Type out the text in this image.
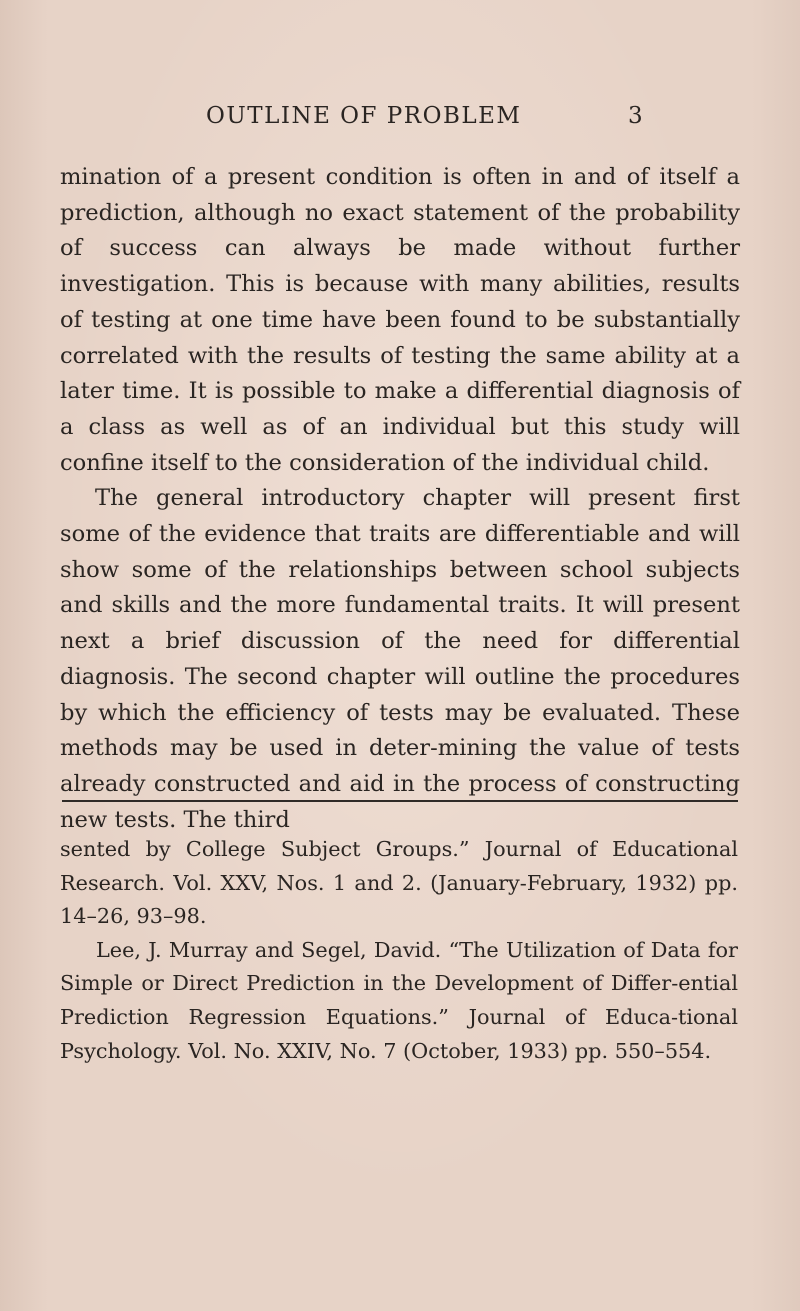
OUTLINE OF PROBLEM	3

mination of a present condition is often in and of itself a prediction, although no exact statement of the probability of success can always be made without further investigation. This is because with many abilities, results of testing at one time have been found to be substantially correlated with the results of testing the same ability at a later time. It is possible to make a differential diagnosis of a class as well as of an individual but this study will confine itself to the consideration of the individual child.

The general introductory chapter will present first some of the evidence that traits are differentiable and will show some of the relationships between school subjects and skills and the more fundamental traits. It will present next a brief discussion of the need for differential diagnosis. The second chapter will outline the procedures by which the efficiency of tests may be evaluated. These methods may be used in deter-mining the value of tests already constructed and aid in the process of constructing new tests. The third

sented by College Subject Groups.” Journal of Educational Research. Vol. XXV, Nos. 1 and 2. (January-February, 1932) pp. 14–26, 93–98.

Lee, J. Murray and Segel, David. “The Utilization of Data for Simple or Direct Prediction in the Development of Differ-ential Prediction Regression Equations.” Journal of Educa-tional Psychology. Vol. No. XXIV, No. 7 (October, 1933) pp. 550–554.
